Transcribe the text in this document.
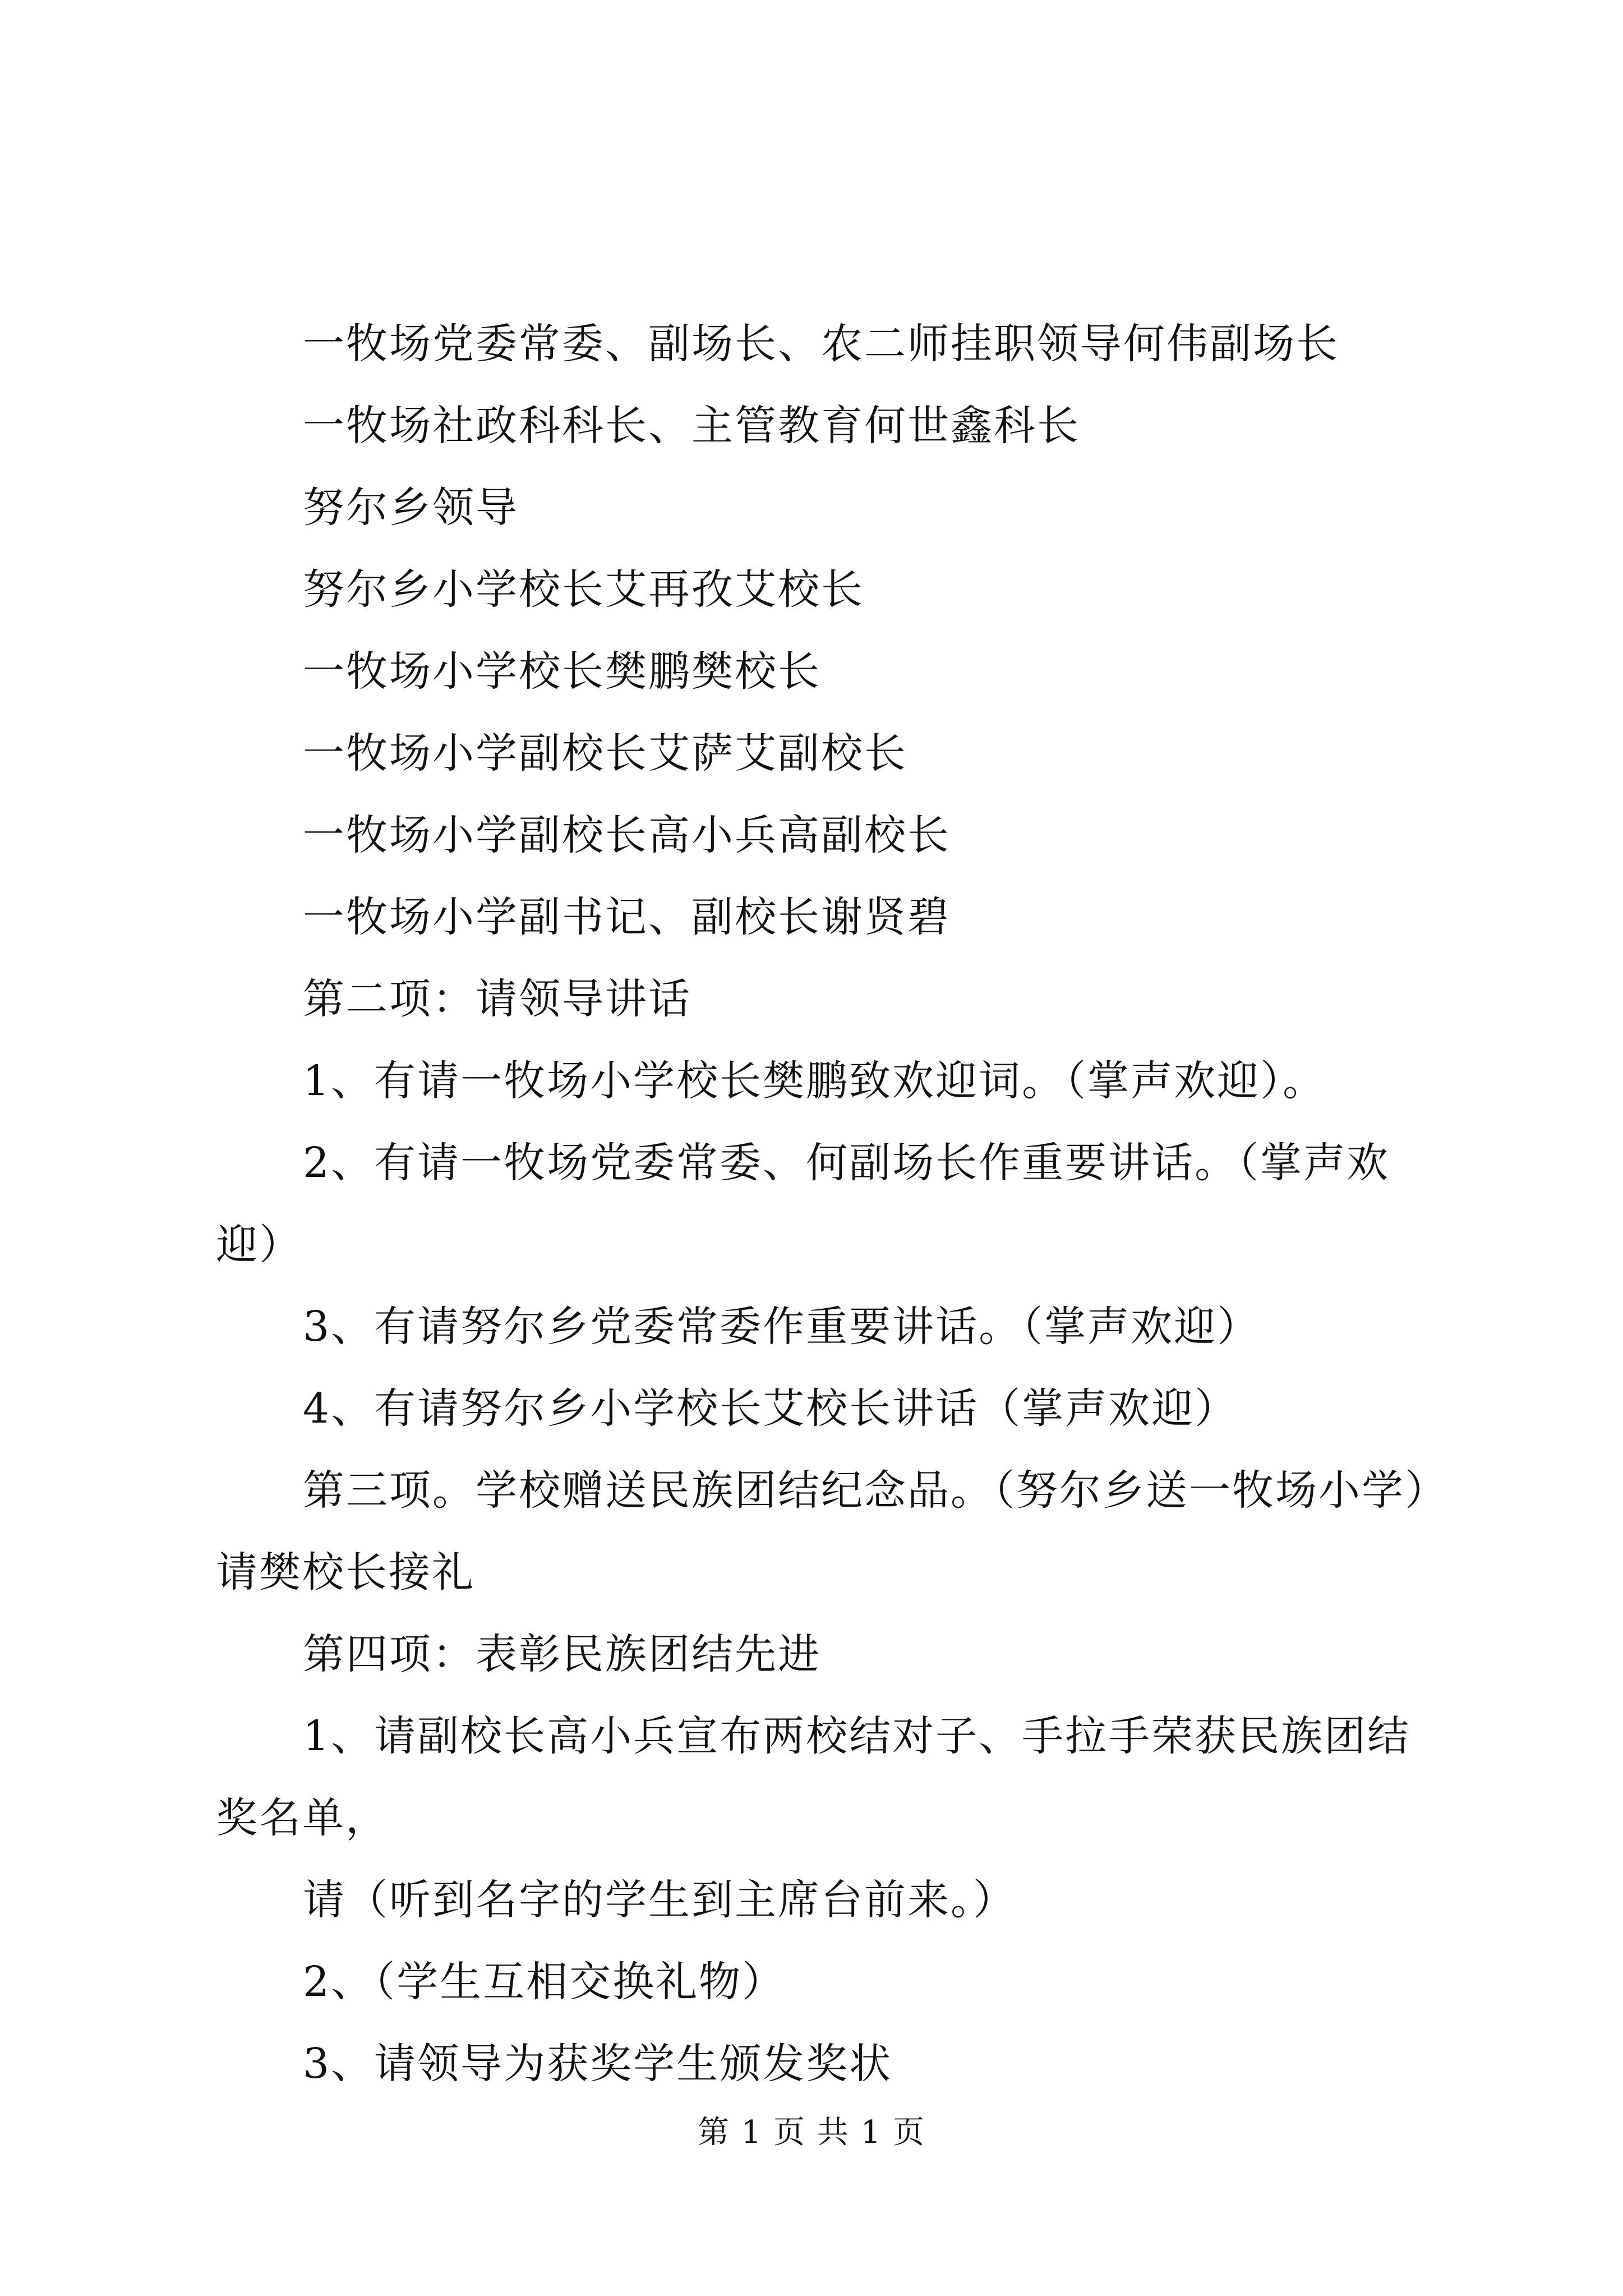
一牧场党委常委、副场长、农二师挂职领导何伟副场长

一牧场社政科科长、主管教育何世鑫科长

努尔乡领导

努尔乡小学校长艾再孜艾校长

一牧场小学校长樊鹏樊校长

一牧场小学副校长艾萨艾副校长

一牧场小学副校长高小兵高副校长

一牧场小学副书记、副校长谢贤碧

第二项：请领导讲话

1、有请一牧场小学校长樊鹏致欢迎词。（掌声欢迎）。

2、有请一牧场党委常委、何副场长作重要讲话。（掌声欢迎）

3、有请努尔乡党委常委作重要讲话。（掌声欢迎）

4、有请努尔乡小学校长艾校长讲话（掌声欢迎）

第三项。学校赠送民族团结纪念品。（努尔乡送一牧场小学）请樊校长接礼

第四项：表彰民族团结先进

1、请副校长高小兵宣布两校结对子、手拉手荣获民族团结奖名单，

请（听到名字的学生到主席台前来。）

2、（学生互相交换礼物）

3、请领导为获奖学生颁发奖状

第 1 页 共 1 页
